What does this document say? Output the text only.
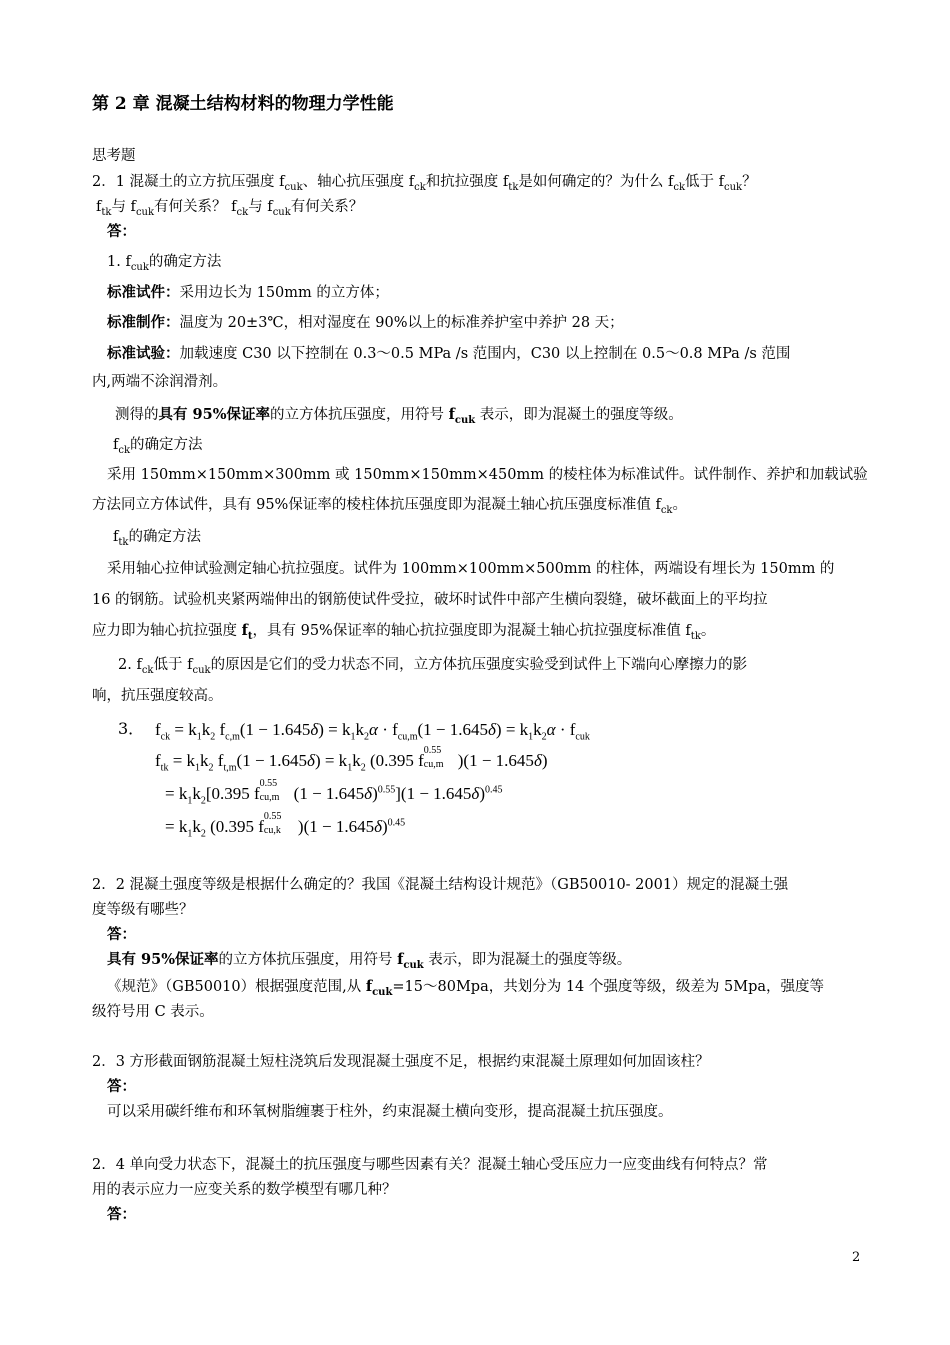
第 2 章 混凝土结构材料的物理力学性能
思考题
2．1 混凝土的立方抗压强度 $f_{cuk}$、轴心抗压强度 $f_{ck}$和抗拉强度 $f_{tk}$是如何确定的？为什么 $f_{ck}$低于 $f_{cuk}$？
$f_{tk}$与 $f_{cuk}$有何关系？ $f_{ck}$与 $f_{cuk}$有何关系？
答：
1. $f_{cuk}$的确定方法
标准试件：采用边长为 150mm 的立方体；
标准制作：温度为 20±3℃，相对湿度在 90%以上的标准养护室中养护 28 天；
标准试验：加载速度 C30 以下控制在 0.3～0.5 MPa /s 范围内，C30 以上控制在 0.5～0.8 MPa /s 范围
内,两端不涂润滑剂。
测得的具有 95%保证率的立方体抗压强度，用符号 $f_{cuk}$ 表示，即为混凝土的强度等级。
$f_{ck}$的确定方法
采用 150mm×150mm×300mm 或 150mm×150mm×450mm 的棱柱体为标准试件。试件制作、养护和加载试验
方法同立方体试件，具有 95%保证率的棱柱体抗压强度即为混凝土轴心抗压强度标准值 $f_{ck}$。
$f_{tk}$的确定方法
采用轴心拉伸试验测定轴心抗拉强度。试件为 100mm×100mm×500mm 的柱体，两端设有埋长为 150mm 的
16 的钢筋。试验机夹紧两端伸出的钢筋使试件受拉，破坏时试件中部产生横向裂缝，破坏截面上的平均拉
应力即为轴心抗拉强度 $f_t$，具有 95%保证率的轴心抗拉强度即为混凝土轴心抗拉强度标准值 $f_{tk}$。
2. $f_{ck}$低于 $f_{cuk}$的原因是它们的受力状态不同，立方体抗压强度实验受到试件上下端向心摩擦力的影
响，抗压强度较高。
3． $f_{ck} = k_1k_2$ $f_{c,m}(1 - 1.645\delta) = k_1k_2\alpha \cdot f_{cu,m}(1 - 1.645\delta) = k_1k_2\alpha \cdot f_{cuk}$
$f_{tk} = k_1k_2$ $f_{t,m}(1 - 1.645\delta) = k_1k_2$ (0.395 f
0.55
cu,m )(1 − 1.645δ)
= $k_1k_2[0.395$ f
0.55
cu,m $(1 - 1.645\delta)^{0.55}](1 - 1.645\delta)^{0.45}$
= $k_1k_2$ (0.395 f
0.55
cu,k )$(1 - 1.645\delta)^{0.45}$
2．2 混凝土强度等级是根据什么确定的？我国《混凝土结构设计规范》（GB50010- 2001）规定的混凝土强
度等级有哪些？
答：
具有 95%保证率的立方体抗压强度，用符号 $f_{cuk}$ 表示，即为混凝土的强度等级。
《规范》（GB50010）根据强度范围,从 $f_{cuk}=15\sim 80Mpa$，共划分为 14 个强度等级，级差为 5Mpa，强度等
级符号用 C 表示。
2．3 方形截面钢筋混凝土短柱浇筑后发现混凝土强度不足，根据约束混凝土原理如何加固该柱？
答：
可以采用碳纤维布和环氧树脂缠裹于柱外，约束混凝土横向变形，提高混凝土抗压强度。
2．4 单向受力状态下，混凝土的抗压强度与哪些因素有关？混凝土轴心受压应力一应变曲线有何特点？常
用的表示应力一应变关系的数学模型有哪几种？
答：
2
